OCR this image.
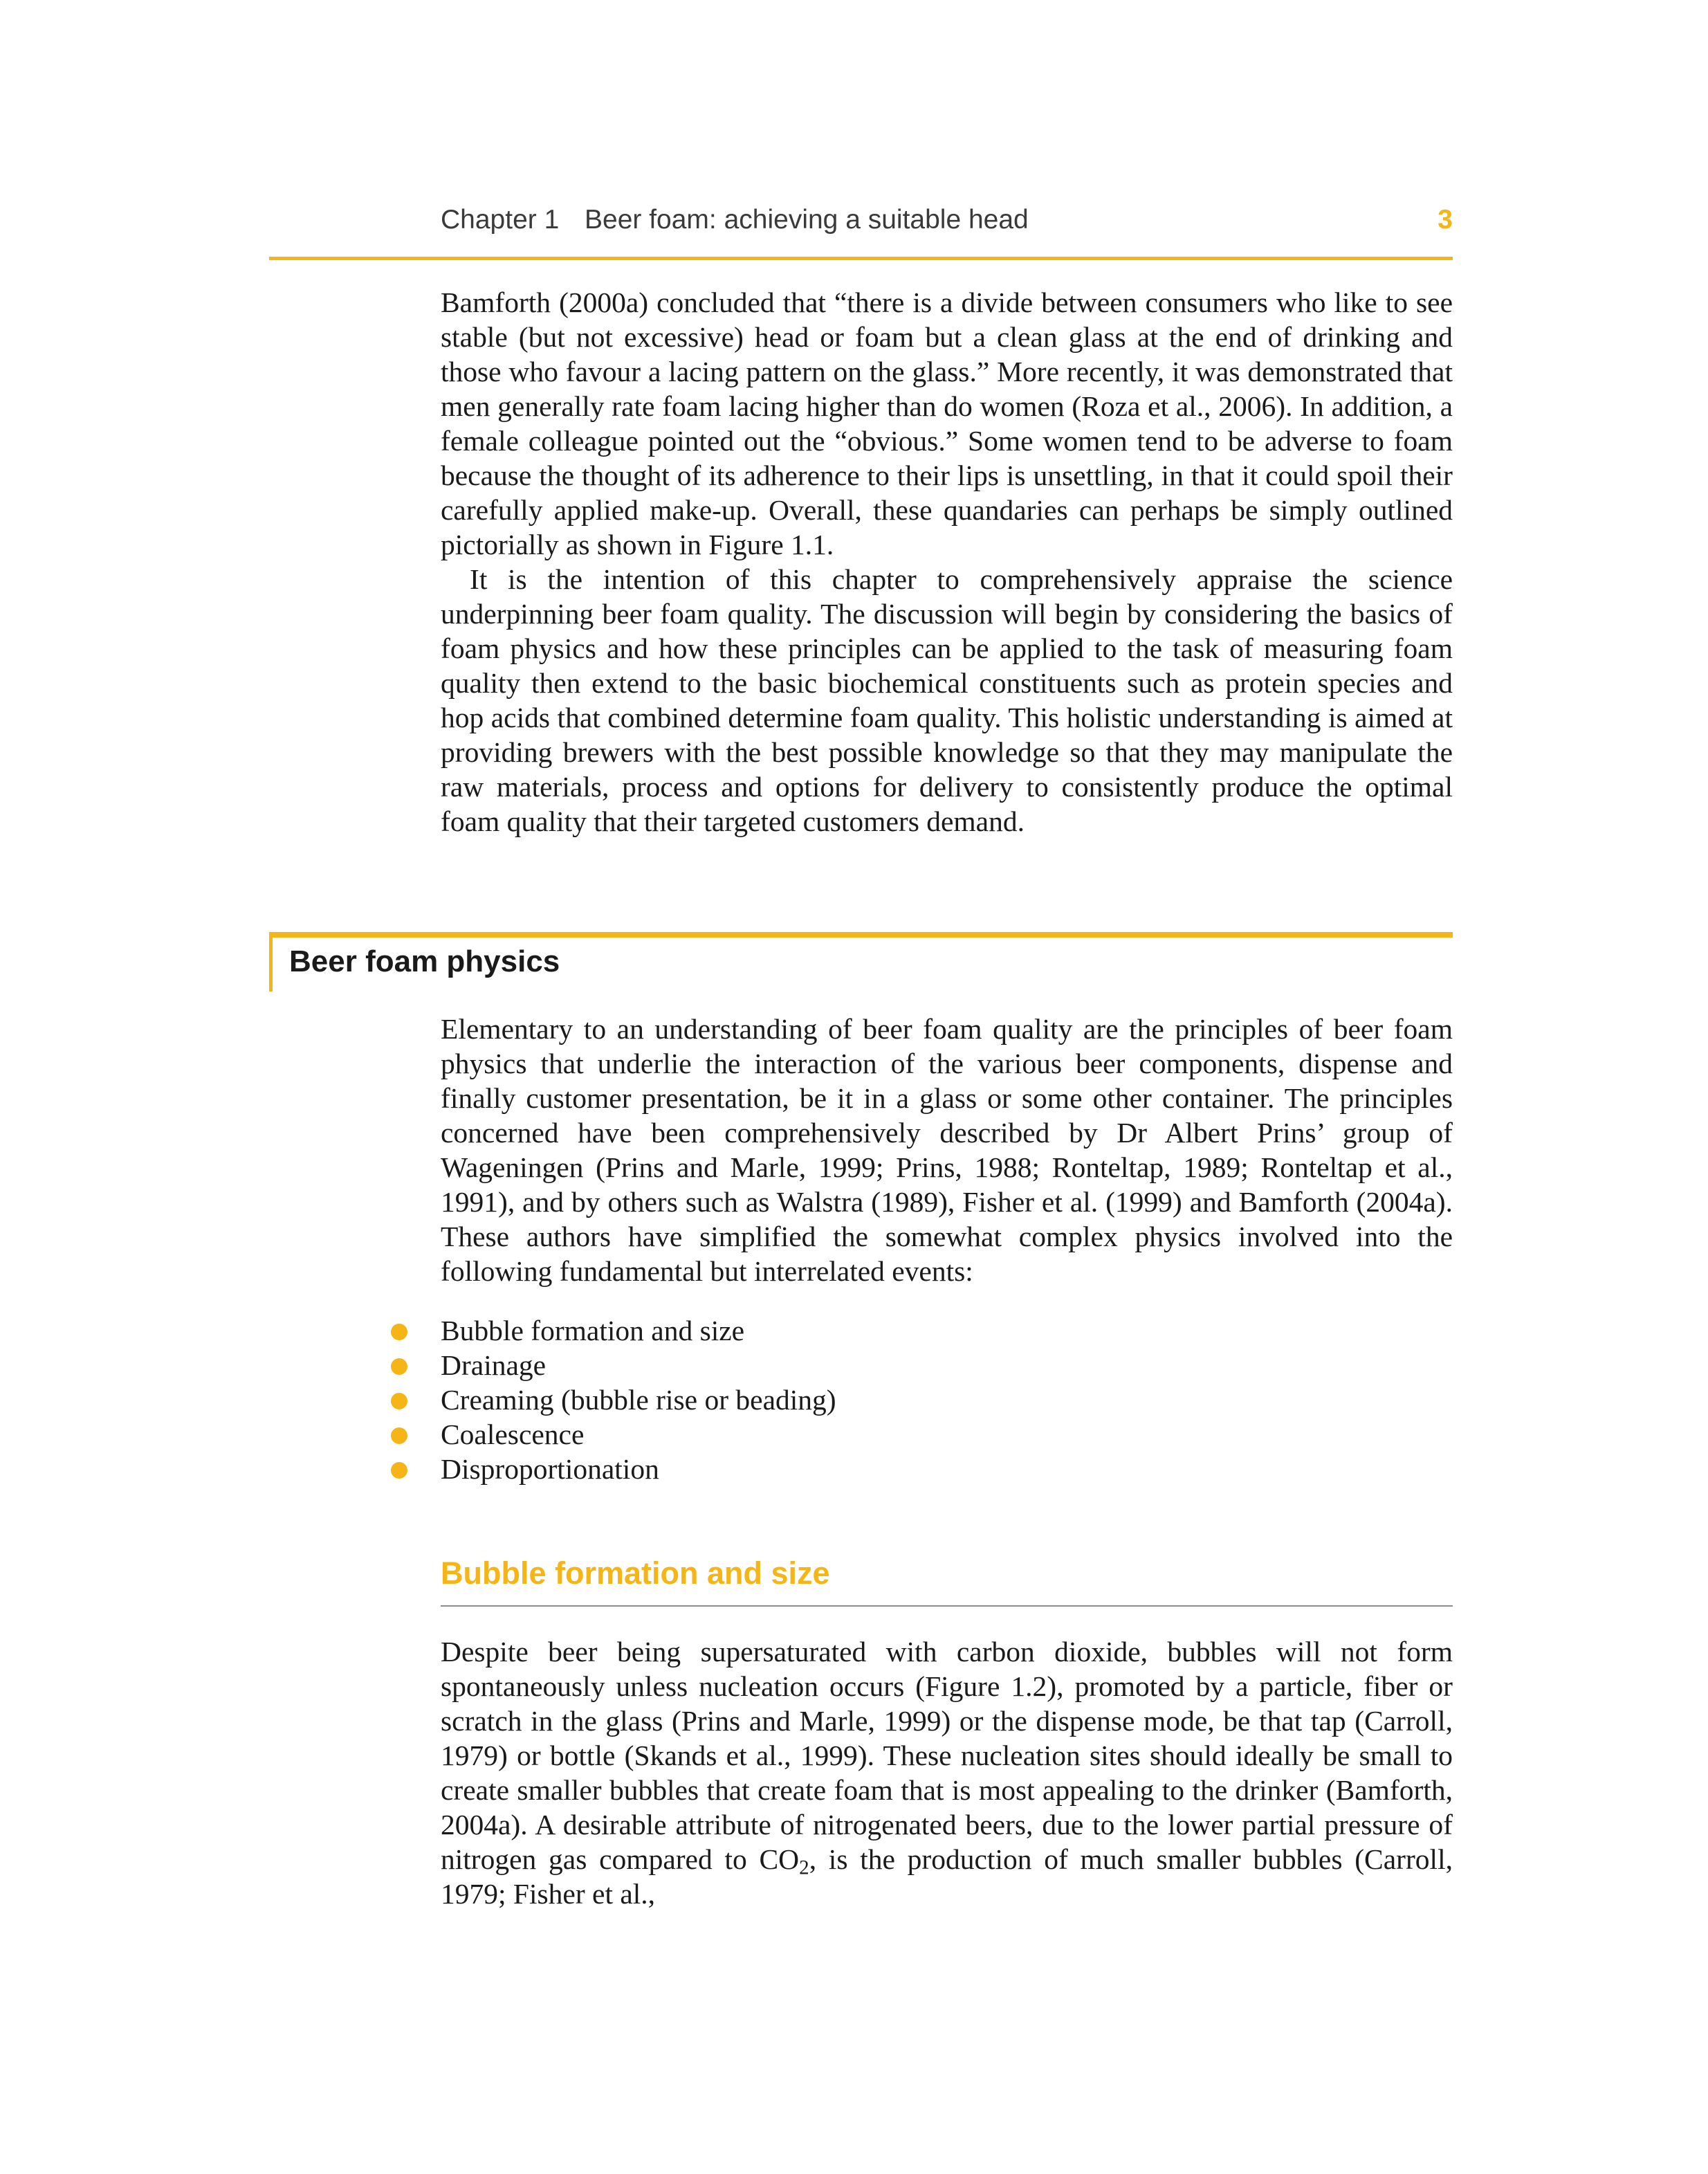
Chapter 1 Beer foam: achieving a suitable head	3

Bamforth (2000a) concluded that “there is a divide between consumers who like to see stable (but not excessive) head or foam but a clean glass at the end of drinking and those who favour a lacing pattern on the glass.” More recently, it was demonstrated that men generally rate foam lacing higher than do women (Roza et al., 2006). In addition, a female colleague pointed out the “obvious.” Some women tend to be adverse to foam because the thought of its adherence to their lips is unsettling, in that it could spoil their carefully applied make-up. Overall, these quandaries can perhaps be simply outlined pictorially as shown in Figure 1.1.

It is the intention of this chapter to comprehensively appraise the science underpinning beer foam quality. The discussion will begin by considering the basics of foam physics and how these principles can be applied to the task of measuring foam quality then extend to the basic biochemical constituents such as protein species and hop acids that combined determine foam quality. This holistic understanding is aimed at providing brewers with the best possible knowledge so that they may manipulate the raw materials, process and options for delivery to consistently produce the optimal foam quality that their targeted customers demand.

Beer foam physics

Elementary to an understanding of beer foam quality are the principles of beer foam physics that underlie the interaction of the various beer components, dispense and finally customer presentation, be it in a glass or some other container. The principles concerned have been comprehensively described by Dr Albert Prins’ group of Wageningen (Prins and Marle, 1999; Prins, 1988; Ronteltap, 1989; Ronteltap et al., 1991), and by others such as Walstra (1989), Fisher et al. (1999) and Bamforth (2004a). These authors have simplified the somewhat complex physics involved into the following fundamental but interrelated events:

Bubble formation and size
Drainage
Creaming (bubble rise or beading)
Coalescence
Disproportionation
Bubble formation and size

Despite beer being supersaturated with carbon dioxide, bubbles will not form spontaneously unless nucleation occurs (Figure 1.2), promoted by a particle, fiber or scratch in the glass (Prins and Marle, 1999) or the dispense mode, be that tap (Carroll, 1979) or bottle (Skands et al., 1999). These nucleation sites should ideally be small to create smaller bubbles that create foam that is most appealing to the drinker (Bamforth, 2004a). A desirable attribute of nitrogenated beers, due to the lower partial pressure of nitrogen gas compared to $CO_2$, is the production of much smaller bubbles (Carroll, 1979; Fisher et al.,
